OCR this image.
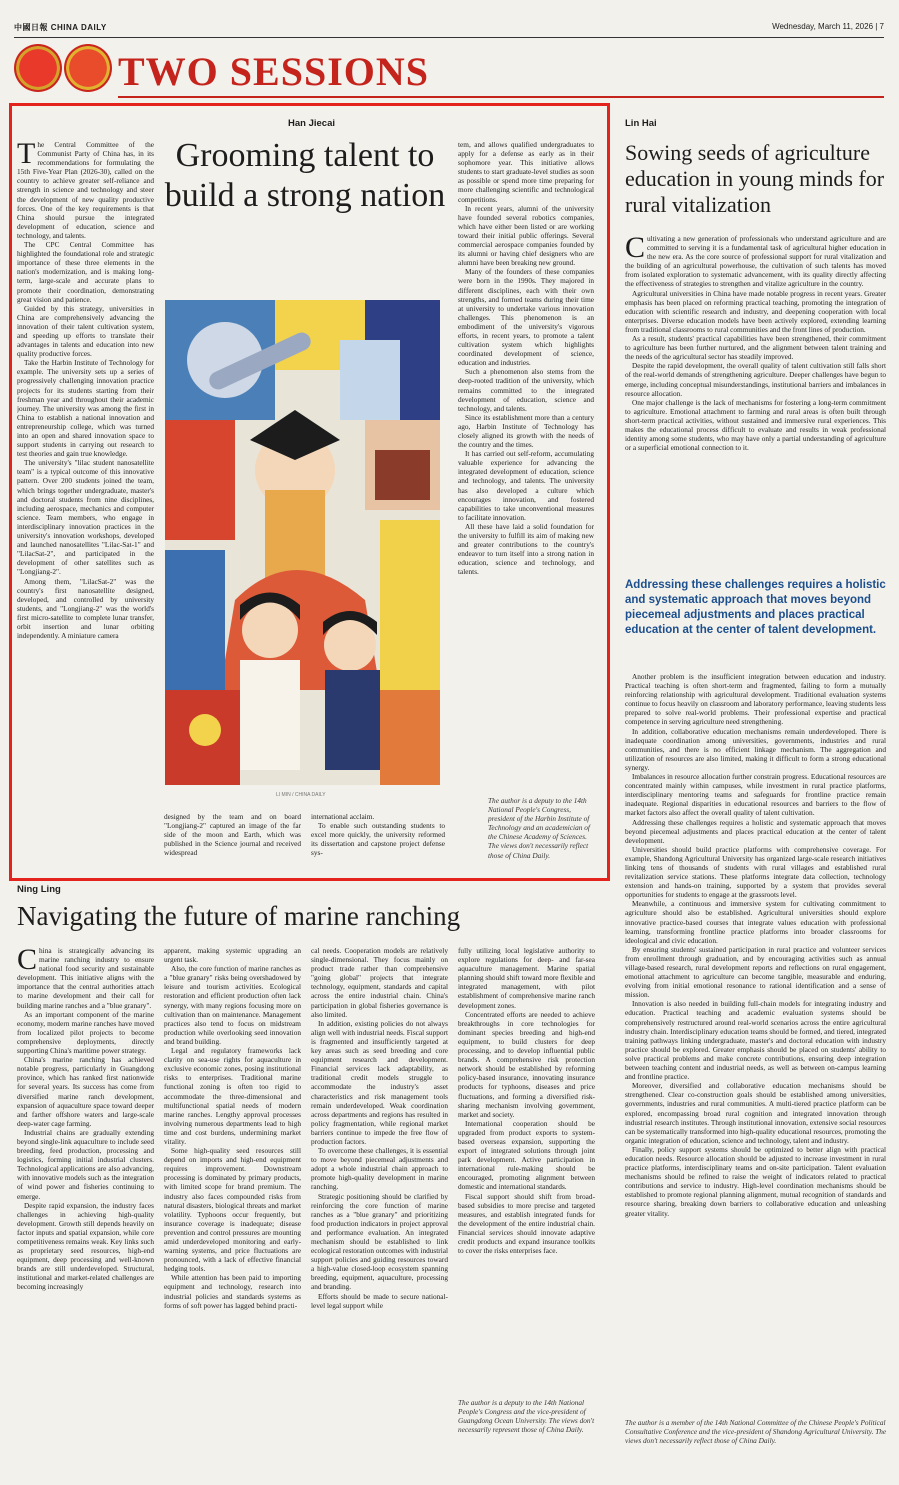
中國日報 CHINA DAILY	Wednesday, March 11, 2026 | 7
TWO SESSIONS
Han Jiecai
T he Central Committee of the Communist Party of China has, in its recommendations for formulating the 15th Five-Year Plan (2026-30), called on the country to achieve greater self-reliance and strength in science and technology and steer the development of new quality productive forces. One of the key requirements is that China should pursue the integrated development of education, science and technology, and talents.

The CPC Central Committee has highlighted the foundational role and strategic importance of these three elements in the nation's modernization, and is making long-term, large-scale and accurate plans to promote their coordination, demonstrating great vision and patience.

Guided by this strategy, universities in China are comprehensively advancing the innovation of their talent cultivation system, and speeding up efforts to translate their advantages in talents and education into new quality productive forces.

Take the Harbin Institute of Technology for example. The university sets up a series of progressively challenging innovation practice projects for its students starting from their freshman year and throughout their academic journey. The university was among the first in China to establish a national innovation and entrepreneurship college, which was turned into an open and shared innovation space to support students in carrying out research to test theories and gain true knowledge.

The university's "lilac student nanosatellite team" is a typical outcome of this innovative pattern. Over 200 students joined the team, which brings together undergraduate, master's and doctoral students from nine disciplines, including aerospace, mechanics and computer science. Team members, who engage in interdisciplinary innovation practices in the university's innovation workshops, developed and launched nanosatellites "Lilac-Sat-1" and "LilacSat-2", and participated in the development of other satellites such as "Longjiang-2".

Among them, "LilacSat-2" was the country's first nanosatellite designed, developed, and controlled by university students, and "Longjiang-2" was the world's first micro-satellite to complete lunar transfer, orbit insertion and lunar orbiting independently. A miniature camera

Grooming talent to build a strong nation
LI MIN / CHINA DAILY

designed by the team and on board "Longjiang-2" captured an image of the far side of the moon and Earth, which was published in the Science journal and received widespread

international acclaim.

To enable such outstanding students to excel more quickly, the university reformed its dissertation and capstone project defense sys-

tem, and allows qualified undergraduates to apply for a defense as early as in their sophomore year. This initiative allows students to start graduate-level studies as soon as possible or spend more time preparing for more challenging scientific and technological competitions.

In recent years, alumni of the university have founded several robotics companies, which have either been listed or are working toward their initial public offerings. Several commercial aerospace companies founded by its alumni or having chief designers who are alumni have been breaking new ground.

Many of the founders of these companies were born in the 1990s. They majored in different disciplines, each with their own strengths, and formed teams during their time at university to undertake various innovation challenges. This phenomenon is an embodiment of the university's vigorous efforts, in recent years, to promote a talent cultivation system which highlights coordinated development of science, education and industries.

Such a phenomenon also stems from the deep-rooted tradition of the university, which remains committed to the integrated development of education, science and technology, and talents.

Since its establishment more than a century ago, Harbin Institute of Technology has closely aligned its growth with the needs of the country and the times.

It has carried out self-reform, accumulating valuable experience for advancing the integrated development of education, science and technology, and talents. The university has also developed a culture which encourages innovation, and fostered capabilities to take unconventional measures to facilitate innovation.

All these have laid a solid foundation for the university to fulfill its aim of making new and greater contributions to the country's endeavor to turn itself into a strong nation in education, science and technology, and talents.

The author is a deputy to the 14th National People's Congress, president of the Harbin Institute of Technology and an academician of the Chinese Academy of Sciences. The views don't necessarily reflect those of China Daily.
Lin Hai
Sowing seeds of agriculture education in young minds for rural vitalization
C ultivating a new generation of professionals who understand agriculture and are committed to serving it is a fundamental task of agricultural higher education in the new era. As the core source of professional support for rural vitalization and the building of an agricultural powerhouse, the cultivation of such talents has moved from isolated exploration to systematic advancement, with its quality directly affecting the effectiveness of strategies to strengthen and vitalize agriculture in the country.

Agricultural universities in China have made notable progress in recent years. Greater emphasis has been placed on reforming practical teaching, promoting the integration of education with scientific research and industry, and deepening cooperation with local enterprises. Diverse education models have been actively explored, extending learning from traditional classrooms to rural communities and the front lines of production.

As a result, students' practical capabilities have been strengthened, their commitment to agriculture has been further nurtured, and the alignment between talent training and the needs of the agricultural sector has steadily improved.

Despite the rapid development, the overall quality of talent cultivation still falls short of the real-world demands of strengthening agriculture. Deeper challenges have begun to emerge, including conceptual misunderstandings, institutional barriers and imbalances in resource allocation.

One major challenge is the lack of mechanisms for fostering a long-term commitment to agriculture. Emotional attachment to farming and rural areas is often built through short-term practical activities, without sustained and immersive rural experiences. This makes the educational process difficult to evaluate and results in weak professional identity among some students, who may have only a partial understanding of agriculture or a superficial emotional connection to it.

Addressing these challenges requires a holistic and systematic approach that moves beyond piecemeal adjustments and places practical education at the center of talent development.

Another problem is the insufficient integration between education and industry. Practical teaching is often short-term and fragmented, failing to form a mutually reinforcing relationship with agricultural development. Traditional evaluation systems continue to focus heavily on classroom and laboratory performance, leaving students less prepared to solve real-world problems. Their professional expertise and practical competence in serving agriculture need strengthening.

In addition, collaborative education mechanisms remain underdeveloped. There is inadequate coordination among universities, governments, industries and rural communities, and there is no efficient linkage mechanism. The aggregation and utilization of resources are also limited, making it difficult to form a strong educational synergy.

Imbalances in resource allocation further constrain progress. Educational resources are concentrated mainly within campuses, while investment in rural practice platforms, interdisciplinary mentoring teams and safeguards for frontline practice remain inadequate. Regional disparities in educational resources and barriers to the flow of market factors also affect the overall quality of talent cultivation.

Addressing these challenges requires a holistic and systematic approach that moves beyond piecemeal adjustments and places practical education at the center of talent development.

Universities should build practice platforms with comprehensive coverage. For example, Shandong Agricultural University has organized large-scale research initiatives linking tens of thousands of students with rural villages and established rural revitalization service stations. These platforms integrate data collection, technology extension and hands-on training, supported by a system that provides several opportunities for students to engage at the grassroots level.

Meanwhile, a continuous and immersive system for cultivating commitment to agriculture should also be established. Agricultural universities should explore innovative practice-based courses that integrate values education with professional learning, transforming frontline practice platforms into broader classrooms for ideological and civic education.

By ensuring students' sustained participation in rural practice and volunteer services from enrollment through graduation, and by encouraging activities such as annual village-based research, rural development reports and reflections on rural engagement, emotional attachment to agriculture can become tangible, measurable and enduring, evolving from initial emotional resonance to rational identification and a sense of mission.

Innovation is also needed in building full-chain models for integrating industry and education. Practical teaching and academic evaluation systems should be comprehensively restructured around real-world scenarios across the entire agricultural industry chain. Interdisciplinary education teams should be formed, and tiered, integrated training pathways linking undergraduate, master's and doctoral education with industry practice should be explored. Greater emphasis should be placed on students' ability to solve practical problems and make concrete contributions, ensuring deep integration between teaching content and industrial needs, as well as between on-campus learning and frontline practice.

Moreover, diversified and collaborative education mechanisms should be strengthened. Clear co-construction goals should be established among universities, governments, industries and rural communities. A multi-tiered practice platform can be explored, encompassing broad rural cognition and integrated innovation through industrial research institutes. Through institutional innovation, extensive social resources can be systematically transformed into high-quality educational resources, promoting the organic integration of education, science and technology, talent and industry.

Finally, policy support systems should be optimized to better align with practical education needs. Resource allocation should be adjusted to increase investment in rural practice platforms, interdisciplinary teams and on-site participation. Talent evaluation mechanisms should be refined to raise the weight of indicators related to practical contributions and service to industry. High-level coordination mechanisms should be established to promote regional planning alignment, mutual recognition of standards and resource sharing, breaking down barriers to collaborative education and unleashing greater vitality.

The author is a member of the 14th National Committee of the Chinese People's Political Consultative Conference and the vice-president of Shandong Agricultural University. The views don't necessarily reflect those of China Daily.
Ning Ling
Navigating the future of marine ranching
C hina is strategically advancing its marine ranching industry to ensure national food security and sustainable development. This initiative aligns with the importance that the central authorities attach to marine development and their call for building marine ranches and a "blue granary".

As an important component of the marine economy, modern marine ranches have moved from localized pilot projects to become comprehensive deployments, directly supporting China's maritime power strategy.

China's marine ranching has achieved notable progress, particularly in Guangdong province, which has ranked first nationwide for several years. Its success has come from diversified marine ranch development, expansion of aquaculture space toward deeper and farther offshore waters and large-scale deep-water cage farming.

Industrial chains are gradually extending beyond single-link aquaculture to include seed breeding, feed production, processing and logistics, forming initial industrial clusters. Technological applications are also advancing, with innovative models such as the integration of wind power and fisheries continuing to emerge.

Despite rapid expansion, the industry faces challenges in achieving high-quality development. Growth still depends heavily on factor inputs and spatial expansion, while core competitiveness remains weak. Key links such as proprietary seed resources, high-end equipment, deep processing and well-known brands are still underdeveloped. Structural, institutional and market-related challenges are becoming increasingly

apparent, making systemic upgrading an urgent task.

Also, the core function of marine ranches as a "blue granary" risks being overshadowed by leisure and tourism activities. Ecological restoration and efficient production often lack synergy, with many regions focusing more on cultivation than on maintenance. Management practices also tend to focus on midstream production while overlooking seed innovation and brand building.

Legal and regulatory frameworks lack clarity on sea-use rights for aquaculture in exclusive economic zones, posing institutional risks to enterprises. Traditional marine functional zoning is often too rigid to accommodate the three-dimensional and multifunctional spatial needs of modern marine ranches. Lengthy approval processes involving numerous departments lead to high time and cost burdens, undermining market vitality.

Some high-quality seed resources still depend on imports and high-end equipment requires improvement. Downstream processing is dominated by primary products, with limited scope for brand premium. The industry also faces compounded risks from natural disasters, biological threats and market volatility. Typhoons occur frequently, but insurance coverage is inadequate; disease prevention and control pressures are mounting amid underdeveloped monitoring and early-warning systems, and price fluctuations are pronounced, with a lack of effective financial hedging tools.

While attention has been paid to importing equipment and technology, research into industrial policies and standards systems as forms of soft power has lagged behind practi-

cal needs. Cooperation models are relatively single-dimensional. They focus mainly on product trade rather than comprehensive "going global" projects that integrate technology, equipment, standards and capital across the entire industrial chain. China's participation in global fisheries governance is also limited.

In addition, existing policies do not always align well with industrial needs. Fiscal support is fragmented and insufficiently targeted at key areas such as seed breeding and core equipment research and development. Financial services lack adaptability, as traditional credit models struggle to accommodate the industry's asset characteristics and risk management tools remain underdeveloped. Weak coordination across departments and regions has resulted in policy fragmentation, while regional market barriers continue to impede the free flow of production factors.

To overcome these challenges, it is essential to move beyond piecemeal adjustments and adopt a whole industrial chain approach to promote high-quality development in marine ranching.

Strategic positioning should be clarified by reinforcing the core function of marine ranches as a "blue granary" and prioritizing food production indicators in project approval and performance evaluation. An integrated mechanism should be established to link ecological restoration outcomes with industrial support policies and guiding resources toward a high-value closed-loop ecosystem spanning breeding, equipment, aquaculture, processing and branding.

Efforts should be made to secure national-level legal support while

fully utilizing local legislative authority to explore regulations for deep- and far-sea aquaculture management. Marine spatial planning should shift toward more flexible and integrated management, with pilot establishment of comprehensive marine ranch development zones.

Concentrated efforts are needed to achieve breakthroughs in core technologies for dominant species breeding and high-end equipment, to build clusters for deep processing, and to develop influential public brands. A comprehensive risk protection network should be established by reforming policy-based insurance, innovating insurance products for typhoons, diseases and price fluctuations, and forming a diversified risk-sharing mechanism involving government, market and society.

International cooperation should be upgraded from product exports to system-based overseas expansion, supporting the export of integrated solutions through joint park development. Active participation in international rule-making should be encouraged, promoting alignment between domestic and international standards.

Fiscal support should shift from broad-based subsidies to more precise and targeted measures, and establish integrated funds for the development of the entire industrial chain. Financial services should innovate adaptive credit products and expand insurance toolkits to cover the risks enterprises face.

The author is a deputy to the 14th National People's Congress and the vice-president of Guangdong Ocean University. The views don't necessarily represent those of China Daily.
